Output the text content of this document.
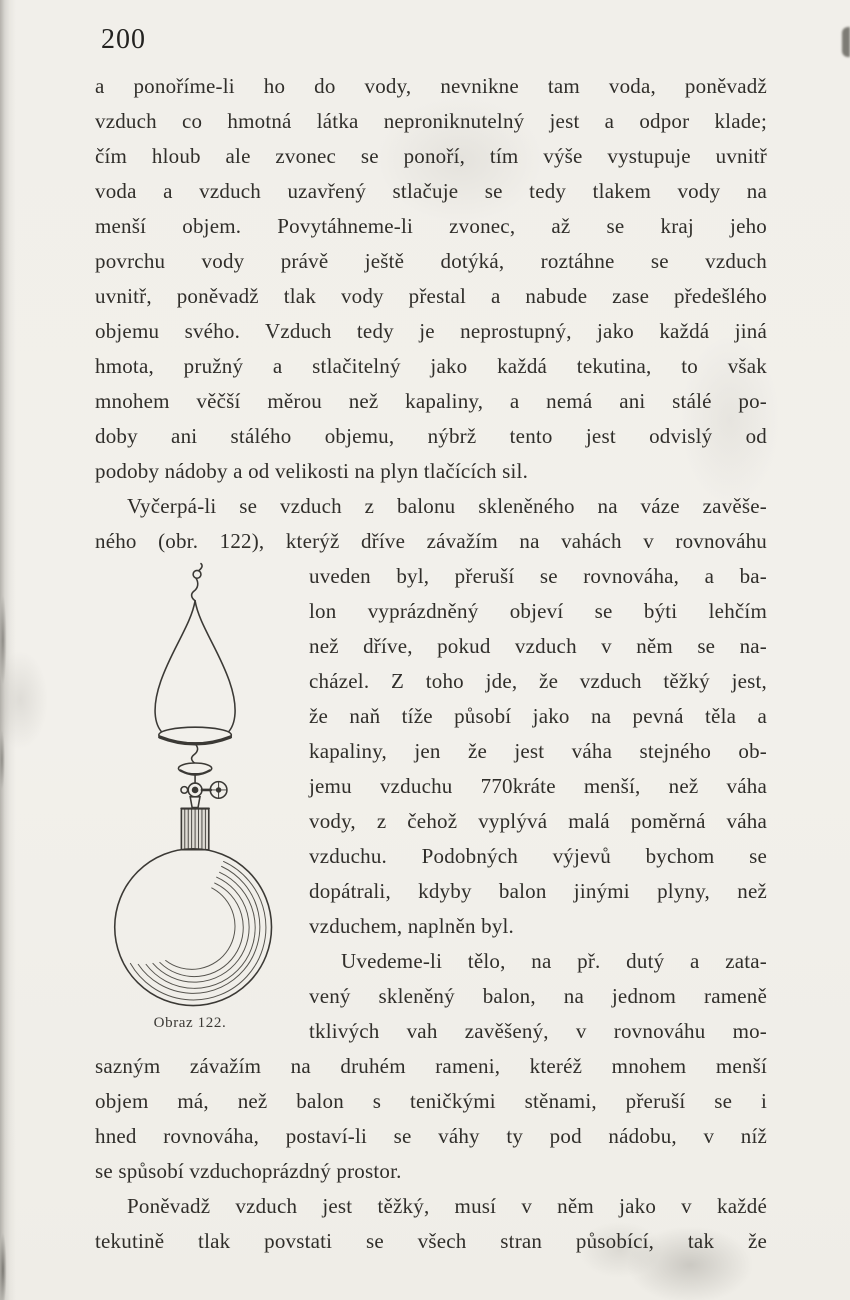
200
a ponoříme-li ho do vody, nevnikne tam voda, poněvadž
vzduch co hmotná látka neproniknutelný jest a odpor klade;
čím hloub ale zvonec se ponoří, tím výše vystupuje uvnitř
voda a vzduch uzavřený stlačuje se tedy tlakem vody na
menší objem. Povytáhneme-li zvonec, až se kraj jeho
povrchu vody právě ještě dotýká, roztáhne se vzduch
uvnitř, poněvadž tlak vody přestal a nabude zase předešlého
objemu svého. Vzduch tedy je neprostupný, jako každá jiná
hmota, pružný a stlačitelný jako každá tekutina, to však
mnohem věčší měrou než kapaliny, a nemá ani stálé po-
doby ani stálého objemu, nýbrž tento jest odvislý od
podoby nádoby a od velikosti na plyn tlačících sil.
Vyčerpá-li se vzduch z balonu skleněného na váze zavěše-
ného (obr. 122), kterýž dříve závažím na vahách v rovnováhu
Obraz 122.
uveden byl, přeruší se rovnováha, a ba-
lon vyprázdněný objeví se býti lehčím
než dříve, pokud vzduch v něm se na-
cházel. Z toho jde, že vzduch těžký jest,
že naň tíže působí jako na pevná těla a
kapaliny, jen že jest váha stejného ob-
jemu vzduchu 770kráte menší, než váha
vody, z čehož vyplývá malá poměrná váha
vzduchu. Podobných výjevů bychom se
dopátrali, kdyby balon jinými plyny, než
vzduchem, naplněn byl.
Uvedeme-li tělo, na př. dutý a zata-
vený skleněný balon, na jednom rameně
tklivých vah zavěšený, v rovnováhu mo-
sazným závažím na druhém rameni, kteréž mnohem menší
objem má, než balon s teničkými stěnami, přeruší se i
hned rovnováha, postaví-li se váhy ty pod nádobu, v níž
se spůsobí vzduchoprázdný prostor.
Poněvadž vzduch jest těžký, musí v něm jako v každé
tekutině tlak povstati se všech stran působící, tak že
